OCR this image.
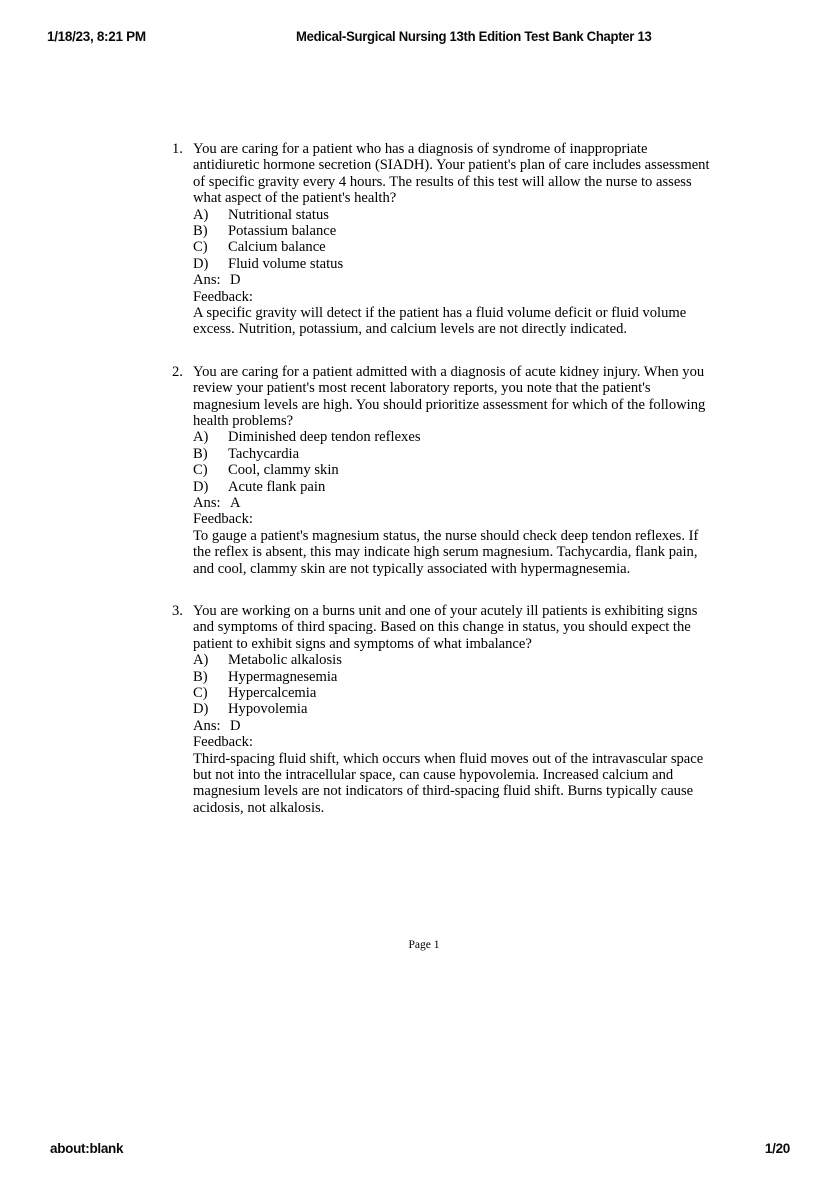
1/18/23, 8:21 PM	Medical-Surgical Nursing 13th Edition Test Bank Chapter 13
1. You are caring for a patient who has a diagnosis of syndrome of inappropriate antidiuretic hormone secretion (SIADH). Your patient's plan of care includes assessment of specific gravity every 4 hours. The results of this test will allow the nurse to assess what aspect of the patient's health?
A) Nutritional status
B) Potassium balance
C) Calcium balance
D) Fluid volume status
Ans: D
Feedback:
A specific gravity will detect if the patient has a fluid volume deficit or fluid volume excess. Nutrition, potassium, and calcium levels are not directly indicated.
2. You are caring for a patient admitted with a diagnosis of acute kidney injury. When you review your patient's most recent laboratory reports, you note that the patient's magnesium levels are high. You should prioritize assessment for which of the following health problems?
A) Diminished deep tendon reflexes
B) Tachycardia
C) Cool, clammy skin
D) Acute flank pain
Ans: A
Feedback:
To gauge a patient's magnesium status, the nurse should check deep tendon reflexes. If the reflex is absent, this may indicate high serum magnesium. Tachycardia, flank pain, and cool, clammy skin are not typically associated with hypermagnesemia.
3. You are working on a burns unit and one of your acutely ill patients is exhibiting signs and symptoms of third spacing. Based on this change in status, you should expect the patient to exhibit signs and symptoms of what imbalance?
A) Metabolic alkalosis
B) Hypermagnesemia
C) Hypercalcemia
D) Hypovolemia
Ans: D
Feedback:
Third-spacing fluid shift, which occurs when fluid moves out of the intravascular space but not into the intracellular space, can cause hypovolemia. Increased calcium and magnesium levels are not indicators of third-spacing fluid shift. Burns typically cause acidosis, not alkalosis.
Page 1
about:blank	1/20
